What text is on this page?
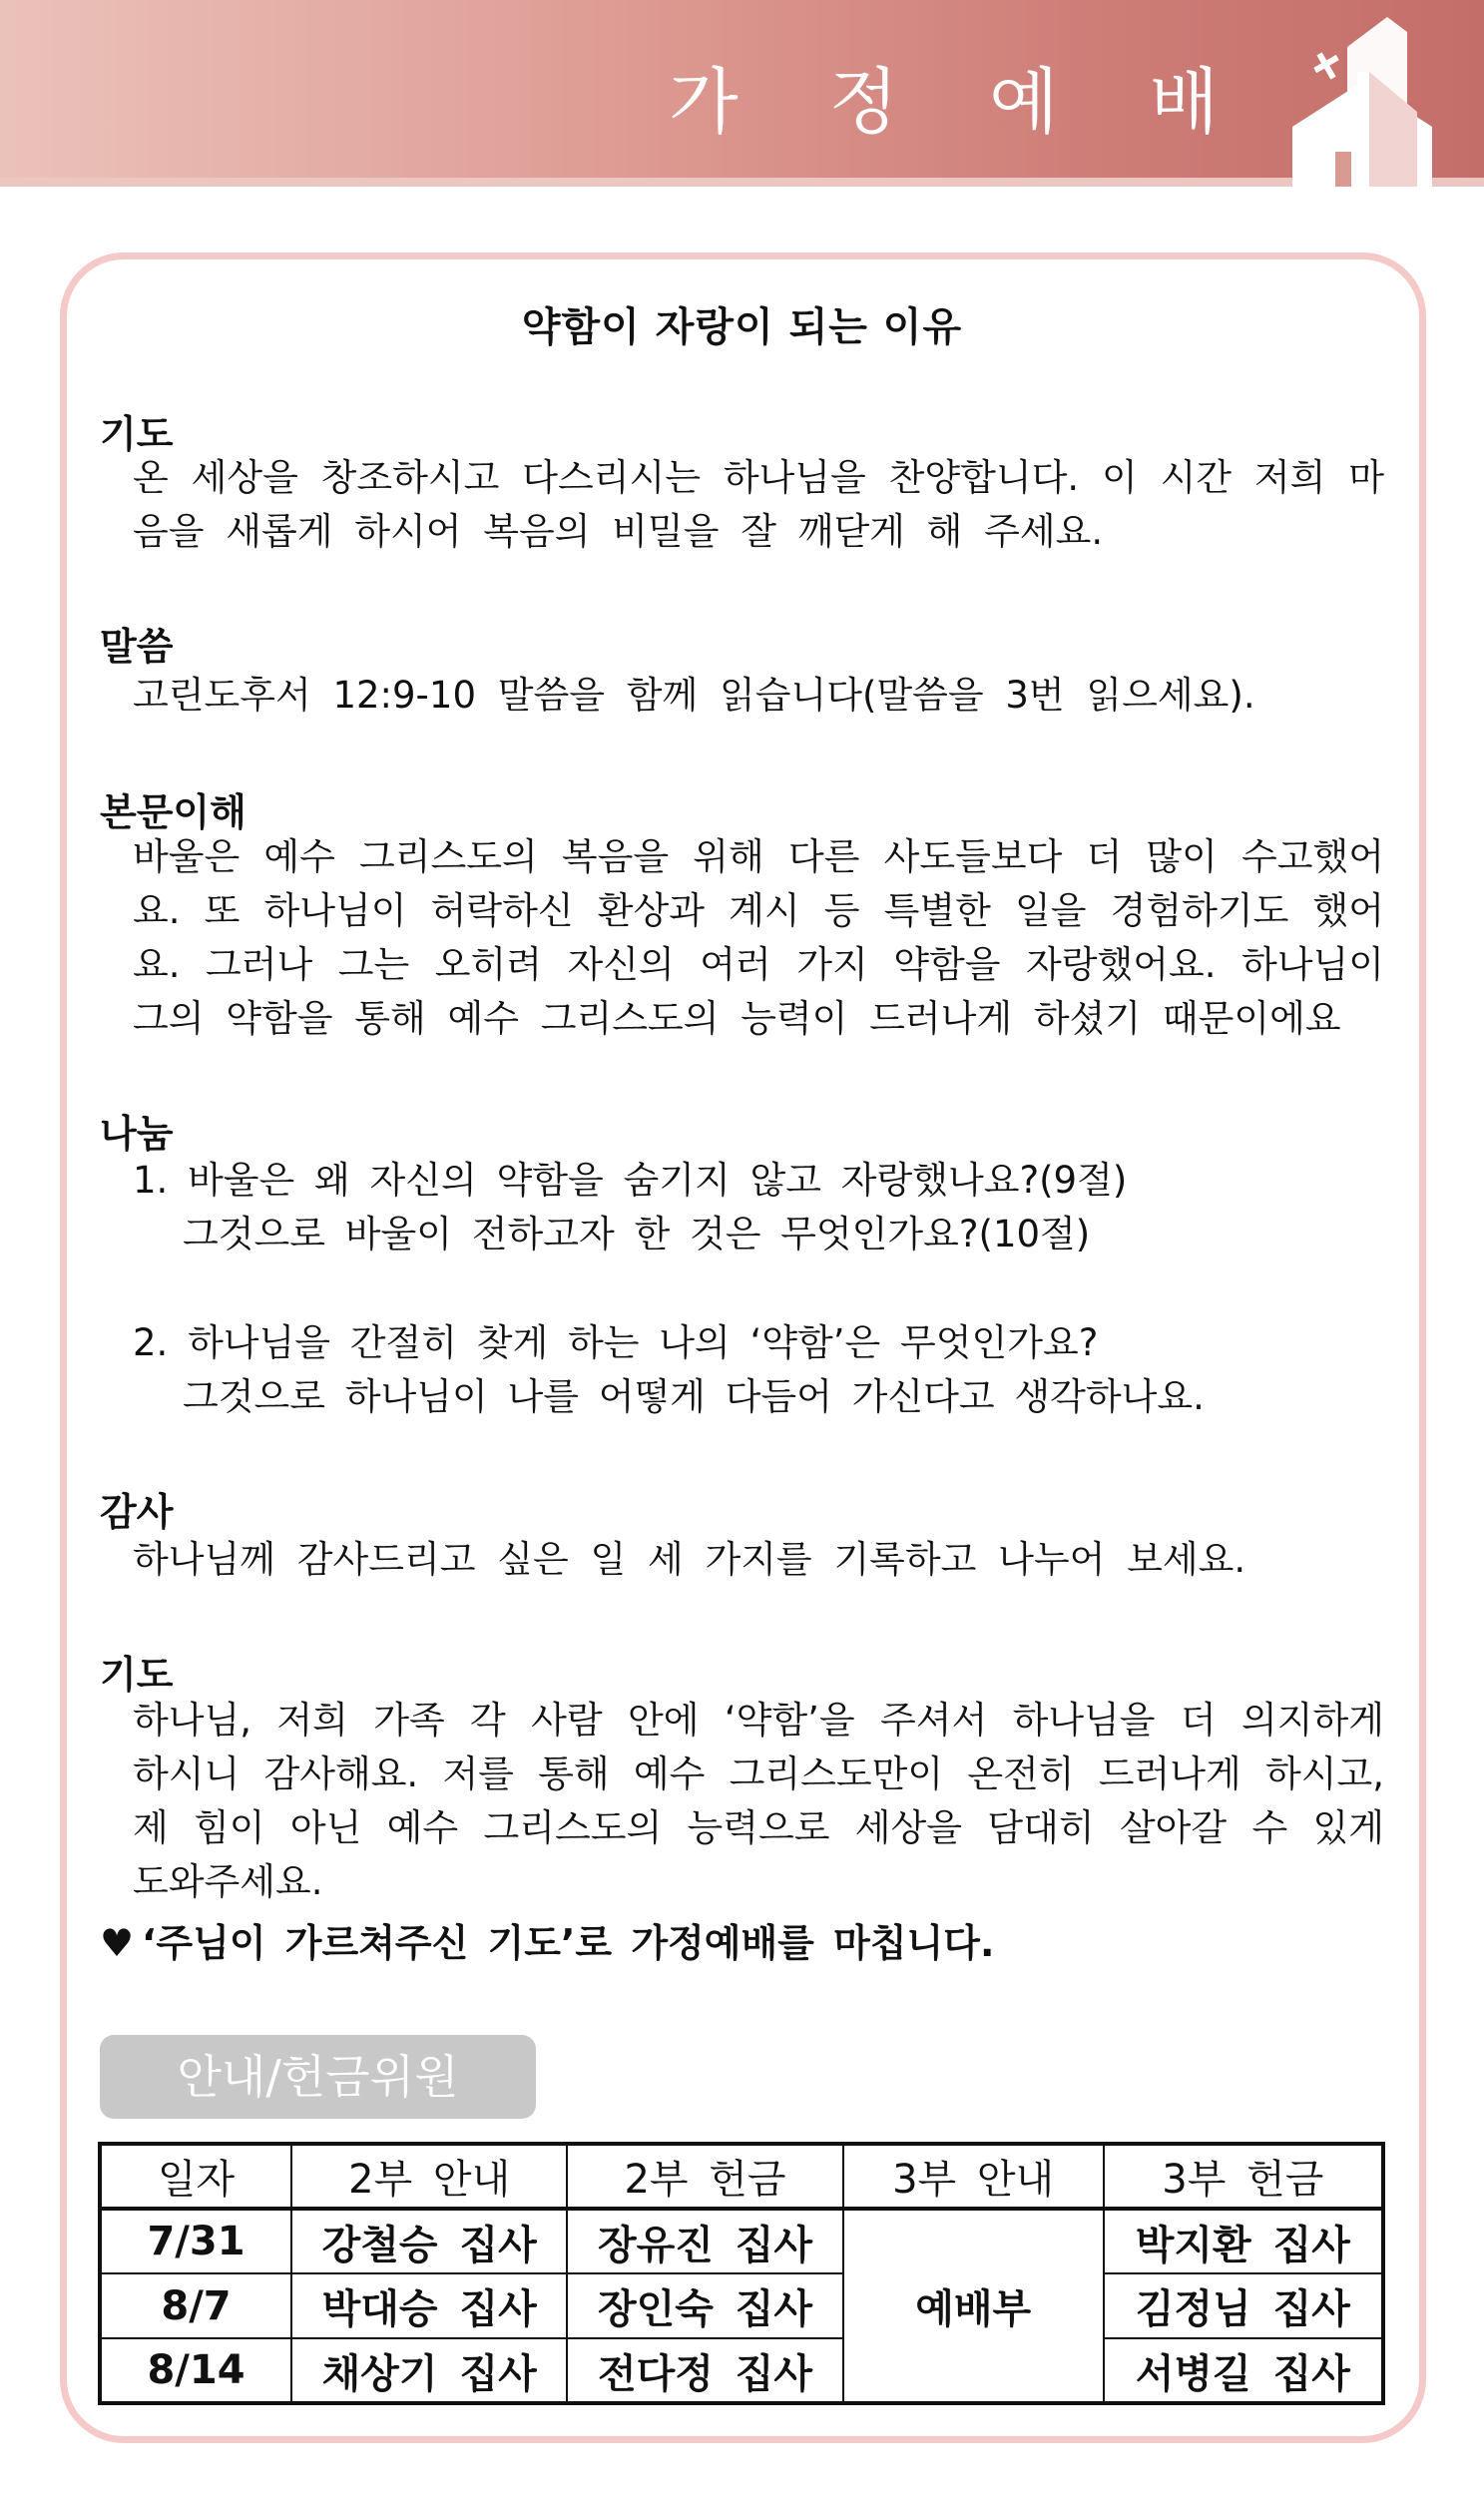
가 정 예 배
약함이 자랑이 되는 이유
기도
온 세상을 창조하시고 다스리시는 하나님을 찬양합니다. 이 시간 저희 마음을 새롭게 하시어 복음의 비밀을 잘 깨닫게 해 주세요.
말씀
고린도후서 12:9-10 말씀을 함께 읽습니다(말씀을 3번 읽으세요).
본문이해
바울은 예수 그리스도의 복음을 위해 다른 사도들보다 더 많이 수고했어요. 또 하나님이 허락하신 환상과 계시 등 특별한 일을 경험하기도 했어요. 그러나 그는 오히려 자신의 여러 가지 약함을 자랑했어요. 하나님이 그의 약함을 통해 예수 그리스도의 능력이 드러나게 하셨기 때문이에요
나눔
1. 바울은 왜 자신의 약함을 숨기지 않고 자랑했나요?(9절)
그것으로 바울이 전하고자 한 것은 무엇인가요?(10절)
2. 하나님을 간절히 찾게 하는 나의 ‘약함’은 무엇인가요?
그것으로 하나님이 나를 어떻게 다듬어 가신다고 생각하나요.
감사
하나님께 감사드리고 싶은 일 세 가지를 기록하고 나누어 보세요.
기도
하나님, 저희 가족 각 사람 안에 ‘약함’을 주셔서 하나님을 더 의지하게 하시니 감사해요. 저를 통해 예수 그리스도만이 온전히 드러나게 하시고, 제 힘이 아닌 예수 그리스도의 능력으로 세상을 담대히 살아갈 수 있게 도와주세요.
♥ ‘주님이 가르쳐주신 기도’로 가정예배를 마칩니다.
안내/헌금위원
일자	2부 안내	2부 헌금	3부 안내	3부 헌금
7/31	강철승 집사	장유진 집사	예배부	박지환 집사
8/7	박대승 집사	장인숙 집사		김정님 집사
8/14	채상기 집사	전다정 집사		서병길 집사
